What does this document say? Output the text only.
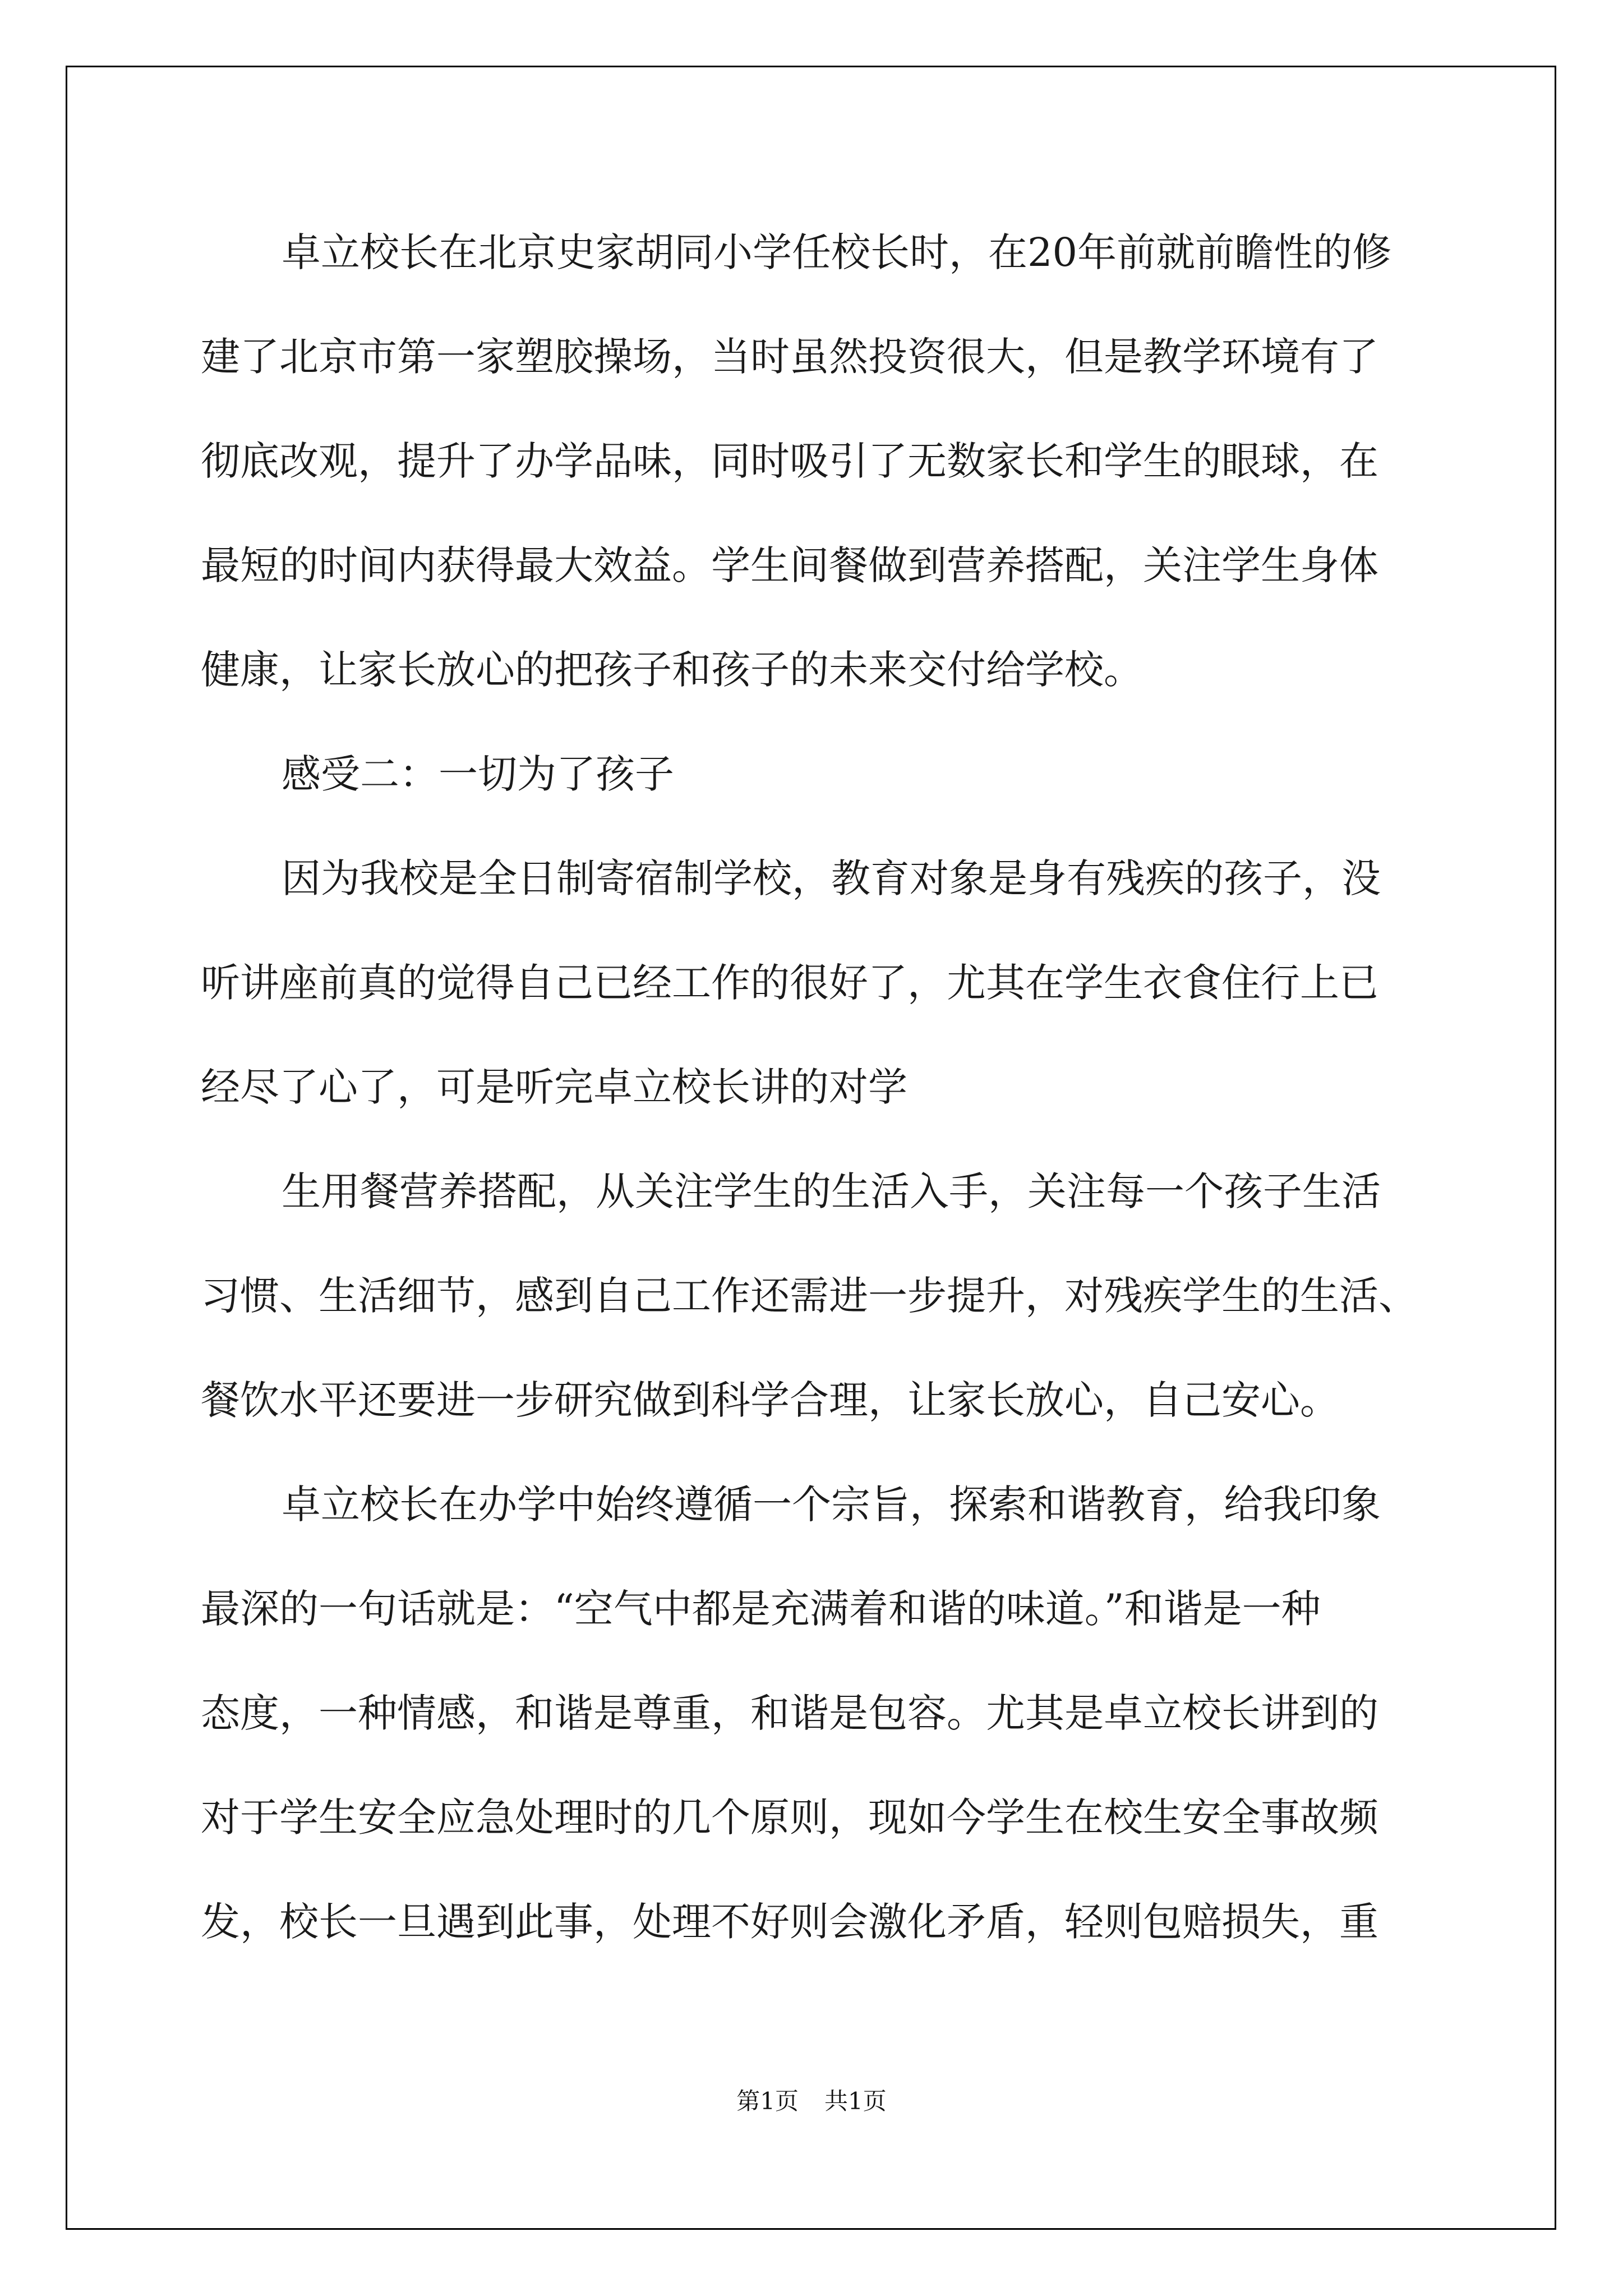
卓立校长在北京史家胡同小学任校长时，在20年前就前瞻性的修
建了北京市第一家塑胶操场，当时虽然投资很大，但是教学环境有了
彻底改观，提升了办学品味，同时吸引了无数家长和学生的眼球，在
最短的时间内获得最大效益。学生间餐做到营养搭配，关注学生身体
健康，让家长放心的把孩子和孩子的未来交付给学校。
感受二：一切为了孩子
因为我校是全日制寄宿制学校，教育对象是身有残疾的孩子，没
听讲座前真的觉得自己已经工作的很好了，尤其在学生衣食住行上已
经尽了心了，可是听完卓立校长讲的对学
生用餐营养搭配，从关注学生的生活入手，关注每一个孩子生活
习惯、生活细节，感到自己工作还需进一步提升，对残疾学生的生活、
餐饮水平还要进一步研究做到科学合理，让家长放心，自己安心。
卓立校长在办学中始终遵循一个宗旨，探索和谐教育，给我印象
最深的一句话就是：“空气中都是充满着和谐的味道。”和谐是一种
态度，一种情感，和谐是尊重，和谐是包容。尤其是卓立校长讲到的
对于学生安全应急处理时的几个原则，现如今学生在校生安全事故频
发，校长一旦遇到此事，处理不好则会激化矛盾，轻则包赔损失，重
第1页 共1页
